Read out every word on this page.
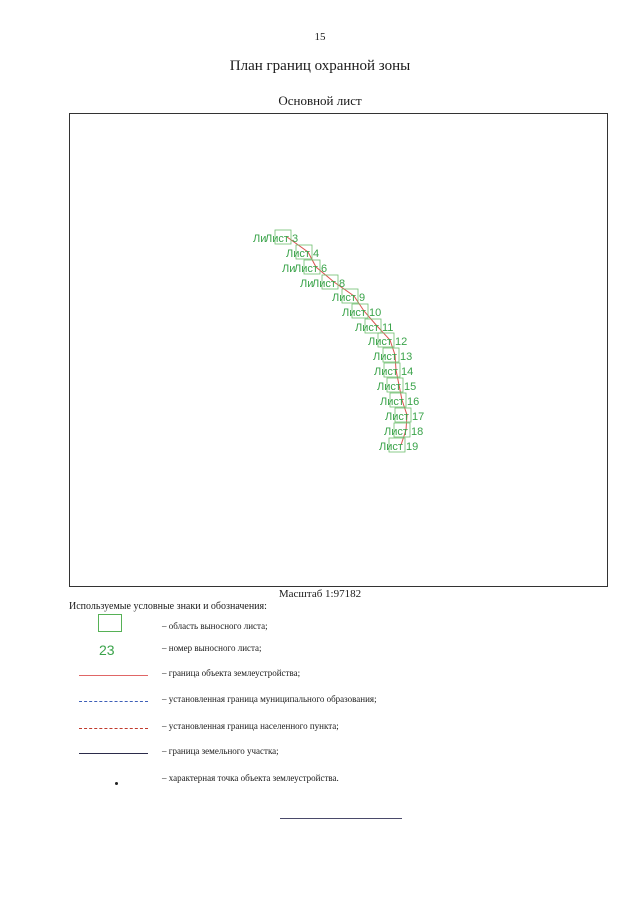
15
План границ охранной зоны
Основной лист
Ли
Лист 3
Лист 4
Ли
Лист 6
Ли
Лист 8
Лист 9
Лист 10
Лист 11
Лист 12
Лист 13
Лист 14
Лист 15
Лист 16
Лист 17
Лист 18
Лист 19
Масштаб 1:97182
Используемые условные знаки и обозначения:
– область выносного листа;
23	– номер выносного листа;
– граница объекта землеустройства;
– установленная граница муниципального образования;
– установленная граница населенного пункта;
– граница земельного участка;
– характерная точка объекта землеустройства.
